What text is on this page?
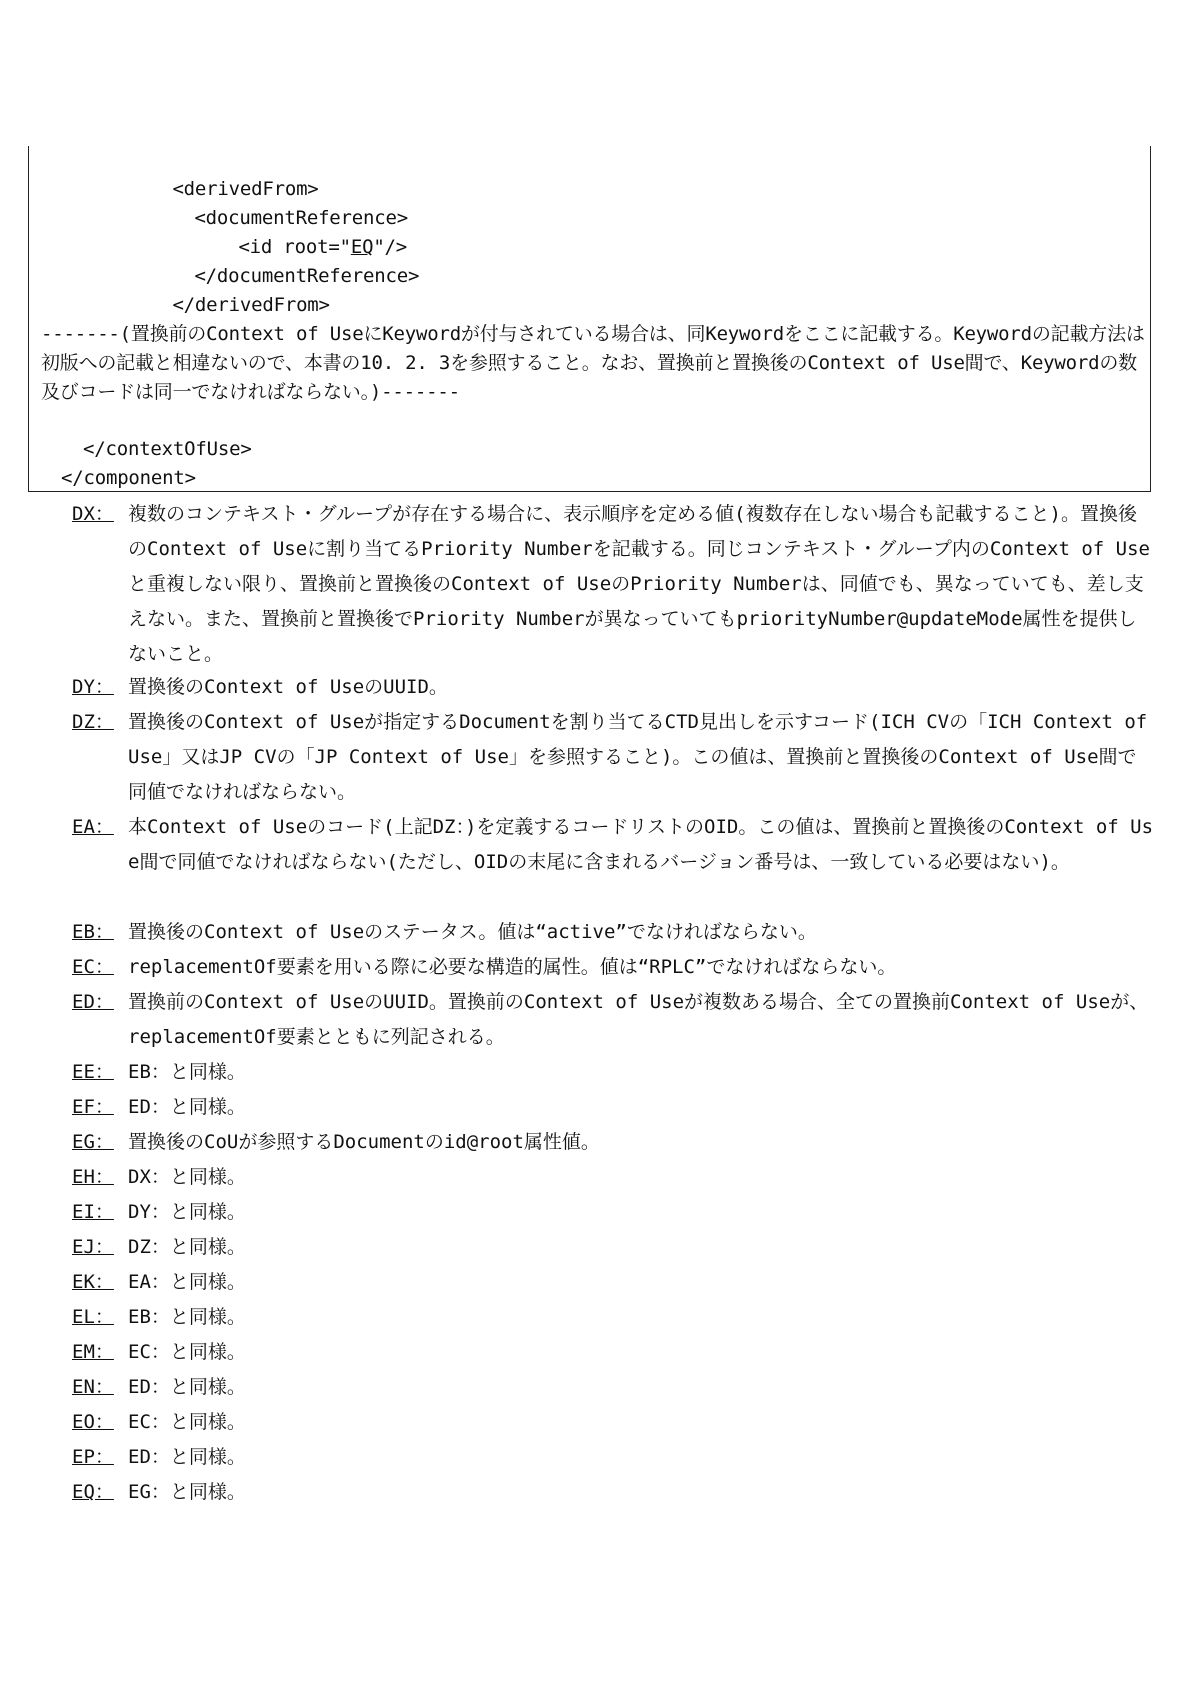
<derivedFrom>

<documentReference>

<id root="EQ"/>

</documentReference>

</derivedFrom>

-------(置換前のContext of UseにKeywordが付与されている場合は、同Keywordをここに記載する。Keywordの記載方法は初版への記載と相違ないので、本書の10. 2. 3を参照すること。なお、置換前と置換後のContext of Use間で、Keywordの数及びコードは同一でなければならない。)-------
</contextOfUse>
</component>
DX： 複数のコンテキスト・グループが存在する場合に、表示順序を定める値(複数存在しない場合も記載すること)。置換後のContext of Useに割り当てるPriority Numberを記載する。同じコンテキスト・グループ内のContext of Useと重複しない限り、置換前と置換後のContext of UseのPriority Numberは、同値でも、異なっていても、差し支えない。また、置換前と置換後でPriority Numberが異なっていてもpriorityNumber@updateMode属性を提供しないこと。
DY： 置換後のContext of UseのUUID。
DZ： 置換後のContext of Useが指定するDocumentを割り当てるCTD見出しを示すコード(ICH CVの「ICH Context of Use」又はJP CVの「JP Context of Use」を参照すること)。この値は、置換前と置換後のContext of Use間で同値でなければならない。
EA： 本Context of Useのコード(上記DZ：)を定義するコードリストのOID。この値は、置換前と置換後のContext of Use間で同値でなければならない(ただし、OIDの末尾に含まれるバージョン番号は、一致している必要はない)。
EB： 置換後のContext of Useのステータス。値は“active”でなければならない。
EC： replacementOf要素を用いる際に必要な構造的属性。値は“RPLC”でなければならない。
ED： 置換前のContext of UseのUUID。置換前のContext of Useが複数ある場合、全ての置換前Context of Useが、replacementOf要素とともに列記される。
EE： EB：と同様。
EF： ED：と同様。
EG： 置換後のCoUが参照するDocumentのid@root属性値。
EH： DX：と同様。
EI： DY：と同様。
EJ： DZ：と同様。
EK： EA：と同様。
EL： EB：と同様。
EM： EC：と同様。
EN： ED：と同様。
EO： EC：と同様。
EP： ED：と同様。
EQ： EG：と同様。
